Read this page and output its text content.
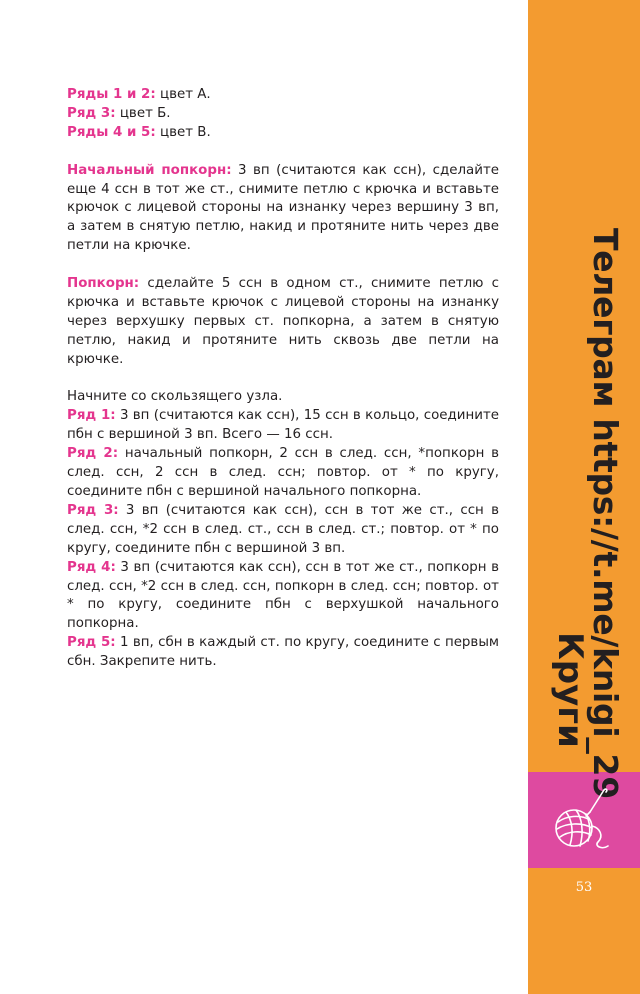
Ряды 1 и 2: цвет А.

Ряд 3: цвет Б.

Ряды 4 и 5: цвет В.

Начальный попкорн: 3 вп (считаются как ссн), сделайте еще 4 ссн в тот же ст., снимите петлю с крючка и вставьте крючок с лицевой стороны на изнанку через вершину 3 вп, а затем в снятую петлю, накид и протяните нить через две петли на крючке.

Попкорн: сделайте 5 ссн в одном ст., снимите петлю с крючка и вставьте крючок с лицевой стороны на изнанку через верхушку первых ст. попкорна, а затем в снятую петлю, накид и протяните нить сквозь две петли на крючке.

Начните со скользящего узла.

Ряд 1: 3 вп (считаются как ссн), 15 ссн в кольцо, соедините пбн с вершиной 3 вп. Всего — 16 ссн.

Ряд 2: начальный попкорн, 2 ссн в след. ссн, *попкорн в след. ссн, 2 ссн в след. ссн; повтор. от * по кругу, соедините пбн с вершиной начального попкорна.

Ряд 3: 3 вп (считаются как ссн), ссн в тот же ст., ссн в след. ссн, *2 ссн в след. ст., ссн в след. ст.; повтор. от * по кругу, соедините пбн с вершиной 3 вп.

Ряд 4: 3 вп (считаются как ссн), ссн в тот же ст., попкорн в след. ссн, *2 ссн в след. ссн, попкорн в след. ссн; повтор. от * по кругу, соедините пбн с верхушкой начального попкорна.

Ряд 5: 1 вп, сбн в каждый ст. по кругу, соедините с первым сбн. Закрепите нить.	Телеграм https://t.me/knigi_29
Круги
53
